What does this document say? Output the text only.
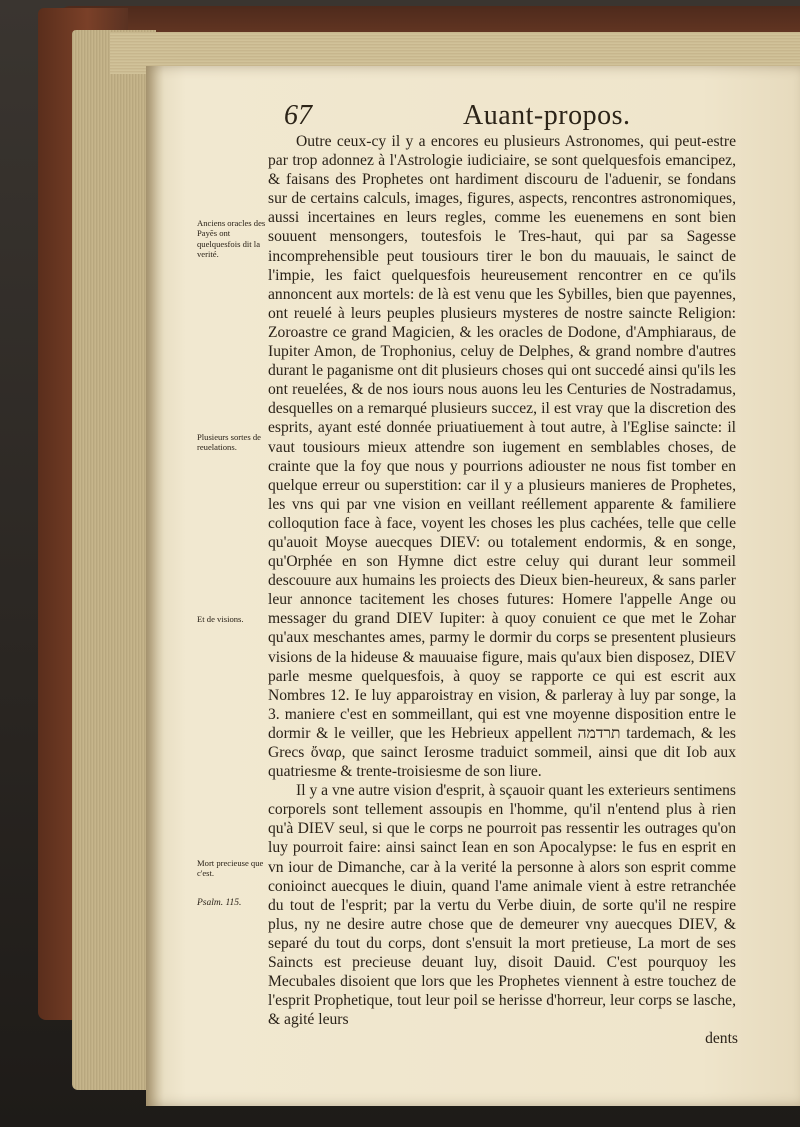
67	Auant-propos.
Anciens oracles des Payẽs ont quelquesfois dit la verité.
Plusieurs sortes de reuelations.
Et de visions.
Mort precieuse que c'est.
Psalm. 115.

Outre ceux-cy il y a encores eu plusieurs Astronomes, qui peut-estre par trop adonnez à l'Astrologie iudiciaire, se sont quelquesfois emancipez, & faisans des Prophetes ont hardiment discouru de l'aduenir, se fondans sur de certains calculs, images, figures, aspects, rencontres astronomiques, aussi incertaines en leurs regles, comme les euenemens en sont bien souuent mensongers, toutesfois le Tres-haut, qui par sa Sagesse incomprehensible peut tousiours tirer le bon du mauuais, le sainct de l'impie, les faict quelquesfois heureusement rencontrer en ce qu'ils annoncent aux mortels: de là est venu que les Sybilles, bien que payennes, ont reuelé à leurs peuples plusieurs mysteres de nostre saincte Religion: Zoroastre ce grand Magicien, & les oracles de Dodone, d'Amphiaraus, de Iupiter Amon, de Trophonius, celuy de Delphes, & grand nombre d'autres durant le paganisme ont dit plusieurs choses qui ont succedé ainsi qu'ils les ont reuelées, & de nos iours nous auons leu les Centuries de Nostradamus, desquelles on a remarqué plusieurs succez, il est vray que la discretion des esprits, ayant esté donnée priuatiuement à tout autre, à l'Eglise saincte: il vaut tousiours mieux attendre son iugement en semblables choses, de crainte que la foy que nous y pourrions adiouster ne nous fist tomber en quelque erreur ou superstition: car il y a plusieurs manieres de Prophetes, les vns qui par vne vision en veillant reéllement apparente & familiere colloqution face à face, voyent les choses les plus cachées, telle que celle qu'auoit Moyse auecques DIEV: ou totalement endormis, & en songe, qu'Orphée en son Hymne dict estre celuy qui durant leur sommeil descouure aux humains les proiects des Dieux bien-heureux, & sans parler leur annonce tacitement les choses futures: Homere l'appelle Ange ou messager du grand DIEV Iupiter: à quoy conuient ce que met le Zohar qu'aux meschantes ames, parmy le dormir du corps se presentent plusieurs visions de la hideuse & mauuaise figure, mais qu'aux bien disposez, DIEV parle mesme quelquesfois, à quoy se rapporte ce qui est escrit aux Nombres 12. Ie luy apparoistray en vision, & parleray à luy par songe, la 3. maniere c'est en sommeillant, qui est vne moyenne disposition entre le dormir & le veiller, que les Hebrieux appellent תרדמה tardemach, & les Grecs ὄναρ, que sainct Ierosme traduict sommeil, ainsi que dit Iob aux quatriesme & trente-troisiesme de son liure.

Il y a vne autre vision d'esprit, à sçauoir quant les exterieurs sentimens corporels sont tellement assoupis en l'homme, qu'il n'entend plus à rien qu'à DIEV seul, si que le corps ne pourroit pas ressentir les outrages qu'on luy pourroit faire: ainsi sainct Iean en son Apocalypse: le fus en esprit en vn iour de Dimanche, car à la verité la personne à alors son esprit comme conioinct auecques le diuin, quand l'ame animale vient à estre retranchée du tout de l'esprit; par la vertu du Verbe diuin, de sorte qu'il ne respire plus, ny ne desire autre chose que de demeurer vny auecques DIEV, & separé du tout du corps, dont s'ensuit la mort pretieuse, La mort de ses Saincts est precieuse deuant luy, disoit Dauid. C'est pourquoy les Mecubales disoient que lors que les Prophetes viennent à estre touchez de l'esprit Prophetique, tout leur poil se herisse d'horreur, leur corps se lasche, & agité leurs

dents
